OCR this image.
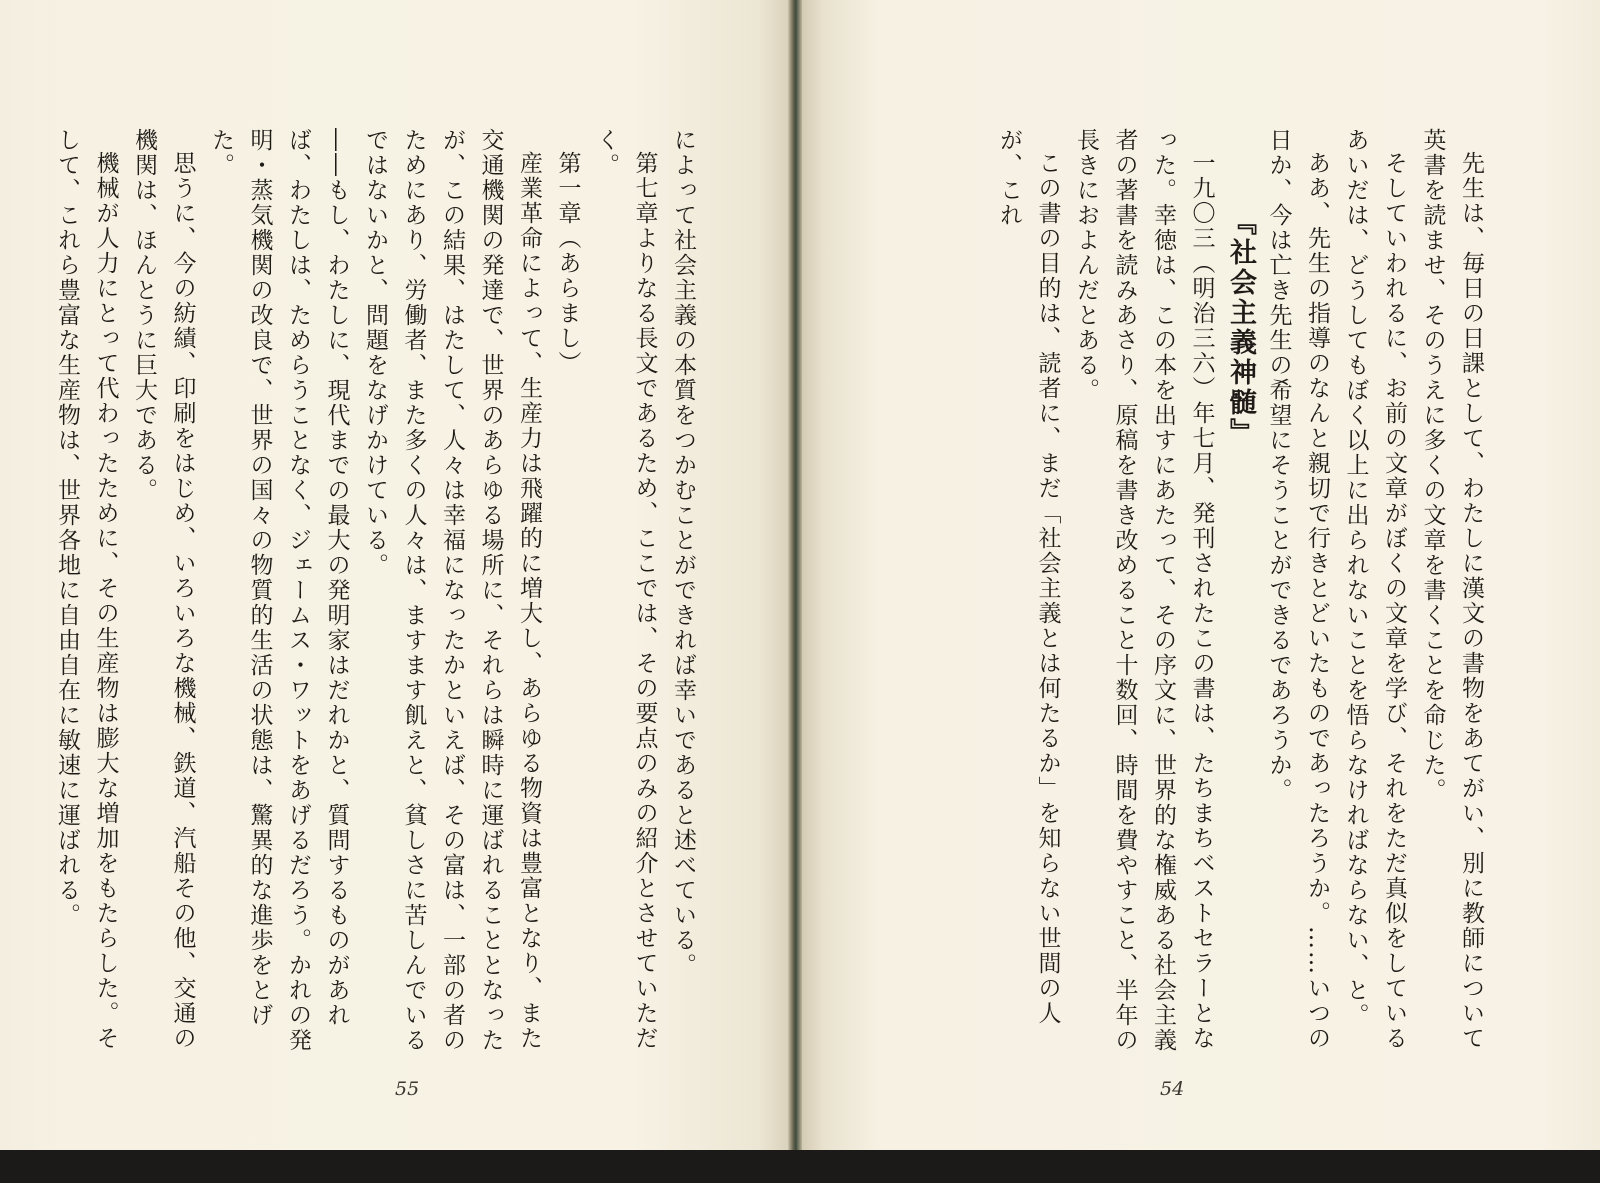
によって社会主義の本質をつかむことができれば幸いであると述べている。

第七章よりなる長文であるため、ここでは、その要点のみの紹介とさせていただく。

第一章（あらまし）

産業革命によって、生産力は飛躍的に増大し、あらゆる物資は豊富となり、また交通機関の発達で、世界のあらゆる場所に、それらは瞬時に運ばれることとなったが、この結果、はたして、人々は幸福になったかといえば、その富は、一部の者のためにあり、労働者、また多くの人々は、ますます飢えと、貧しさに苦しんでいるではないかと、問題をなげかけている。

――もし、わたしに、現代までの最大の発明家はだれかと、質問するものがあれば、わたしは、ためらうことなく、ジェームス・ワットをあげるだろう。かれの発明・蒸気機関の改良で、世界の国々の物質的生活の状態は、驚異的な進歩をとげた。

思うに、今の紡績、印刷をはじめ、いろいろな機械、鉄道、汽船その他、交通の機関は、ほんとうに巨大である。

機械が人力にとって代わったために、その生産物は膨大な増加をもたらした。そして、これら豊富な生産物は、世界各地に自由自在に敏速に運ばれる。

55

先生は、毎日の日課として、わたしに漢文の書物をあてがい、別に教師について英書を読ませ、そのうえに多くの文章を書くことを命じた。

そしていわれるに、お前の文章がぼくの文章を学び、それをただ真似をしているあいだは、どうしてもぼく以上に出られないことを悟らなければならない、と。

ああ、先生の指導のなんと親切で行きとどいたものであったろうか。……いつの日か、今は亡き先生の希望にそうことができるであろうか。

『社会主義神髄』

一九〇三（明治三六）年七月、発刊されたこの書は、たちまちベストセラーとなった。幸徳は、この本を出すにあたって、その序文に、世界的な権威ある社会主義者の著書を読みあさり、原稿を書き改めること十数回、時間を費やすこと、半年の長きにおよんだとある。

この書の目的は、読者に、まだ「社会主義とは何たるか」を知らない世間の人が、これ

54
